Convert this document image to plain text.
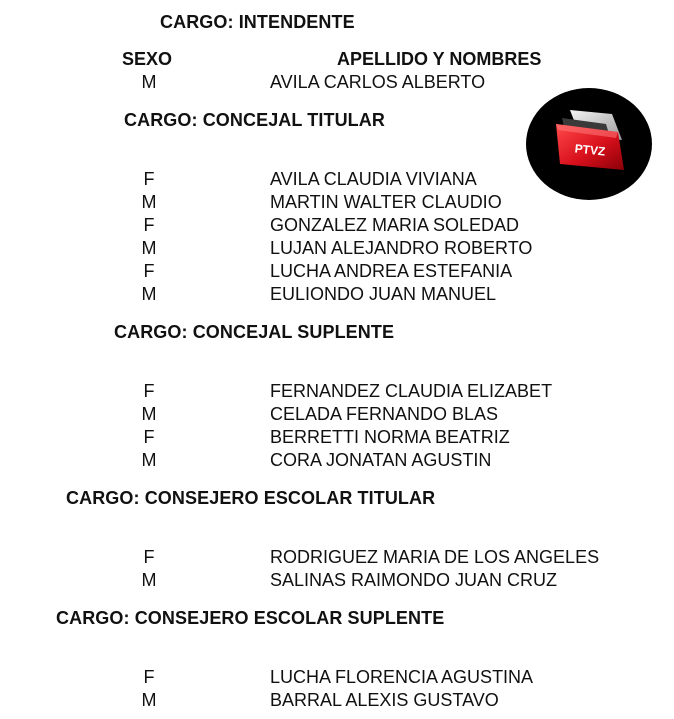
CARGO: INTENDENTE
SEXO	APELLIDO Y NOMBRES
M	AVILA CARLOS ALBERTO
CARGO: CONCEJAL TITULAR
F	AVILA CLAUDIA VIVIANA
M	MARTIN WALTER CLAUDIO
F	GONZALEZ MARIA SOLEDAD
M	LUJAN ALEJANDRO ROBERTO
F	LUCHA ANDREA ESTEFANIA
M	EULIONDO JUAN MANUEL
CARGO: CONCEJAL SUPLENTE
F	FERNANDEZ CLAUDIA ELIZABET
M	CELADA FERNANDO BLAS
F	BERRETTI NORMA BEATRIZ
M	CORA JONATAN AGUSTIN
CARGO: CONSEJERO ESCOLAR TITULAR
F	RODRIGUEZ MARIA DE LOS ANGELES
M	SALINAS RAIMONDO JUAN CRUZ
CARGO: CONSEJERO ESCOLAR SUPLENTE
F	LUCHA FLORENCIA AGUSTINA
M	BARRAL ALEXIS GUSTAVO
PTVZ
